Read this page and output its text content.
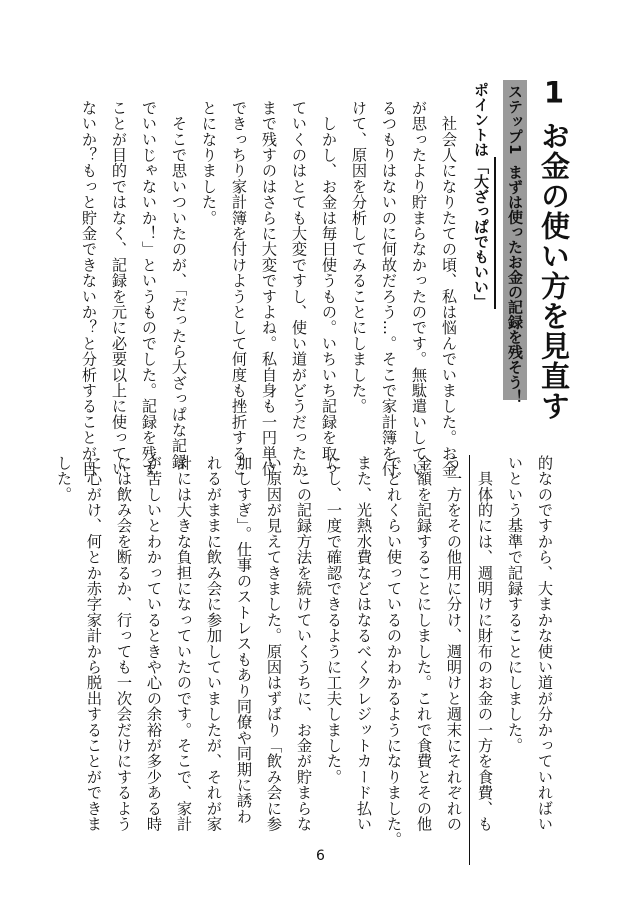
1お金の使い方を見直す
ステップ1まずは使ったお金の記録を残そう！
ポイントは「大ざっぱでもいい」
　社会人になりたての頃、私は悩んでいました。お金
が思ったより貯まらなかったのです。無駄遣いしてい
るつもりはないのに何故だろう…。そこで家計簿を付
けて、原因を分析してみることにしました。
　しかし、お金は毎日使うもの。いちいち記録を取っ
ていくのはとても大変ですし、使い道がどうだったか
まで残すのはさらに大変ですよね。私自身も一円単位
できっちり家計簿を付けようとして何度も挫折するこ
とになりました。
　そこで思いついたのが、「だったら大ざっぱな記録
でいいじゃないか！」というものでした。記録を残す
ことが目的ではなく、記録を元に必要以上に使ってい
ないか？もっと貯金できないか？と分析することが目
的なのですから、大まかな使い道が分かっていればい
いという基準で記録することにしました。
　具体的には、週明けに財布のお金の一方を食費、も
う一方をその他用に分け、週明けと週末にそれぞれの
金額を記録することにしました。これで食費とその他
でどれくらい使っているのかわかるようになりました。
また、光熱水費などはなるべくクレジットカード払い
にし、一度で確認できるように工夫しました。
　この記録方法を続けていくうちに、お金が貯まらな
い原因が見えてきました。原因はずばり「飲み会に参
加しすぎ」。仕事のストレスもあり同僚や同期に誘わ
れるがままに飲み会に参加していましたが、それが家
計には大きな負担になっていたのです。そこで、家計
が苦しいとわかっているときや心の余裕が多少ある時
には飲み会を断るか、行っても一次会だけにするよう
に心がけ、何とか赤字家計から脱出することができま
した。
6
